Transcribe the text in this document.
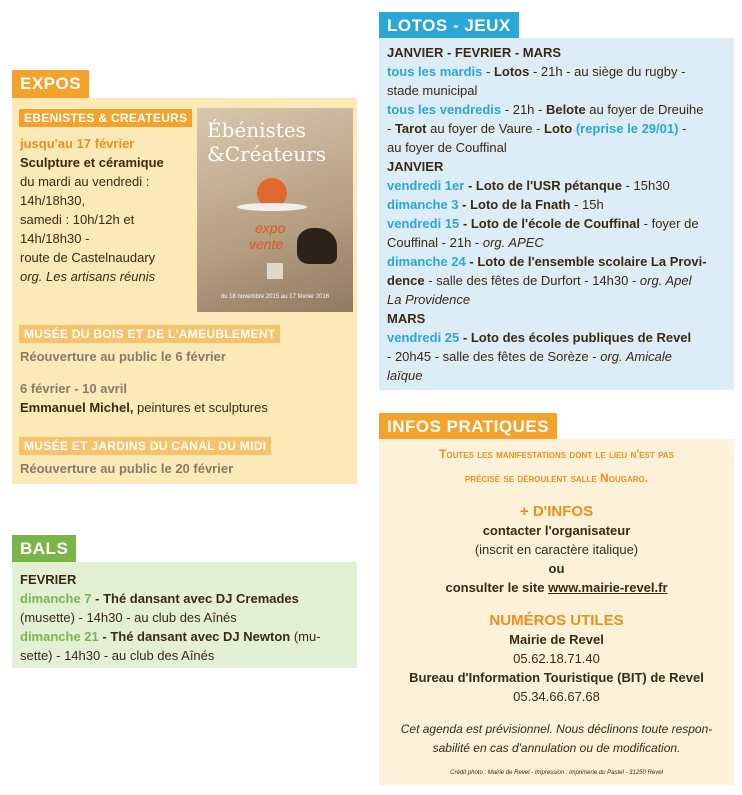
EXPOS
EBENISTES & CREATEURS

jusqu'au 17 février

Sculpture et céramique

du mardi au vendredi :

14h/18h30,

samedi : 10h/12h et

14h/18h30 -

route de Castelnaudary

org. Les artisans réunis

Ébénistes
&Créateurs
expo
vente
du 18 novembre 2015 au 17 février 2016
MUSÉE DU BOIS ET DE L'AMEUBLEMENT

Réouverture au public le 6 février

6 février - 10 avril

Emmanuel Michel, peintures et sculptures

MUSÉE ET JARDINS DU CANAL DU MIDI

Réouverture au public le 20 février

BALS

FEVRIER

dimanche 7 - Thé dansant avec DJ Cremades

(musette) - 14h30 - au club des Aînés

dimanche 21 - Thé dansant avec DJ Newton (mu-

sette) - 14h30 - au club des Aînés

LOTOS - JEUX

JANVIER - FEVRIER - MARS

tous les mardis - Lotos - 21h - au siège du rugby -

stade municipal

tous les vendredis - 21h - Belote au foyer de Dreuihe

- Tarot au foyer de Vaure - Loto (reprise le 29/01) -

au foyer de Couffinal

JANVIER

vendredi 1er - Loto de l'USR pétanque - 15h30

dimanche 3 - Loto de la Fnath - 15h

vendredi 15 - Loto de l'école de Couffinal - foyer de

Couffinal - 21h - org. APEC

dimanche 24 - Loto de l'ensemble scolaire La Provi-

dence - salle des fêtes de Durfort - 14h30 - org. Apel

La Providence

MARS

vendredi 25 - Loto des écoles publiques de Revel

- 20h45 - salle des fêtes de Sorèze - org. Amicale

laïque

INFOS PRATIQUES

Toutes les manifestations dont le lieu n'est pas

précisé se déroulent salle Nougaro.

+ D'INFOS

contacter l'organisateur

(inscrit en caractère italique)

ou

consulter le site www.mairie-revel.fr

NUMÉROS UTILES

Mairie de Revel

05.62.18.71.40

Bureau d'Information Touristique (BIT) de Revel

05.34.66.67.68

Cet agenda est prévisionnel. Nous déclinons toute respon-

sabilité en cas d'annulation ou de modification.

Crédit photo : Mairie de Revel - Impression : imprimerie du Pastel - 31250 Revel
